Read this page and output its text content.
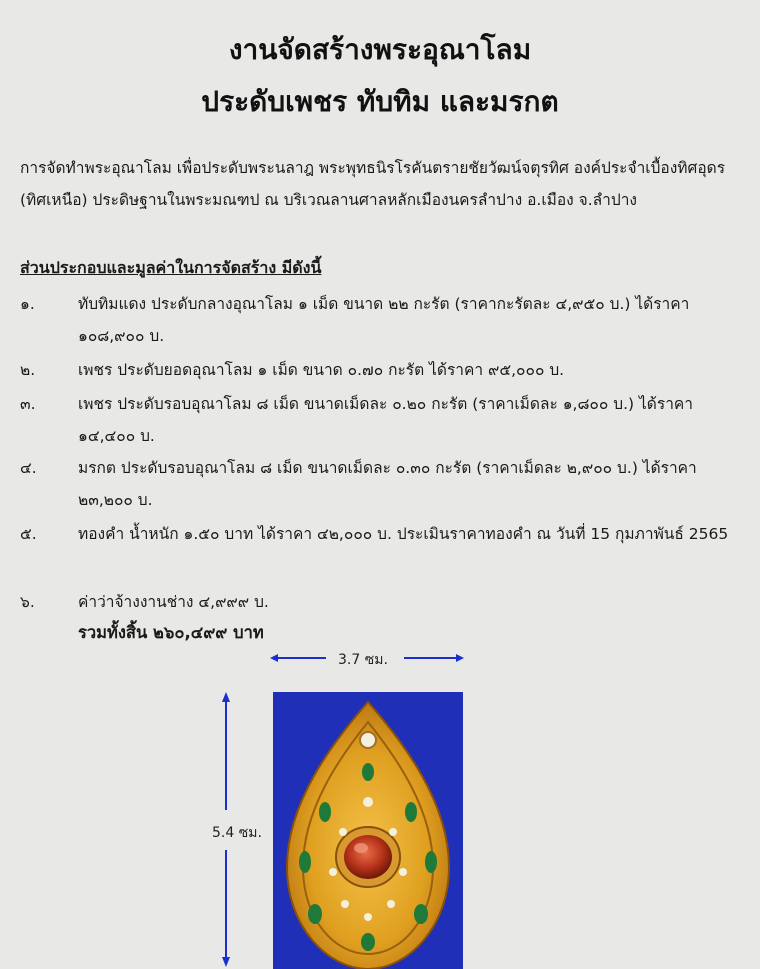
งานจัดสร้างพระอุณาโลม
ประดับเพชร ทับทิม และมรกต
การจัดทำพระอุณาโลม เพื่อประดับพระนลาฎ พระพุทธนิรโรคันตรายชัยวัฒน์จตุรทิศ องค์ประจำเบื้องทิศอุดร (ทิศเหนือ) ประดิษฐานในพระมณฑป ณ บริเวณลานศาลหลักเมืองนครลำปาง อ.เมือง จ.ลำปาง
ส่วนประกอบและมูลค่าในการจัดสร้าง มีดังนี้
๑.	ทับทิมแดง ประดับกลางอุณาโลม ๑ เม็ด ขนาด ๒๒ กะรัต (ราคากะรัตละ ๔,๙๕๐ บ.) ได้ราคา ๑๐๘,๙๐๐ บ.
๒.	เพชร ประดับยอดอุณาโลม ๑ เม็ด ขนาด ๐.๗๐ กะรัต ได้ราคา ๙๕,๐๐๐ บ.
๓.	เพชร ประดับรอบอุณาโลม ๘ เม็ด ขนาดเม็ดละ ๐.๒๐ กะรัต (ราคาเม็ดละ ๑,๘๐๐ บ.) ได้ราคา ๑๔,๔๐๐ บ.
๔.	มรกต ประดับรอบอุณาโลม ๘ เม็ด ขนาดเม็ดละ ๐.๓๐ กะรัต (ราคาเม็ดละ ๒,๙๐๐ บ.) ได้ราคา ๒๓,๒๐๐ บ.
๕.	ทองคำ น้ำหนัก ๑.๕๐ บาท ได้ราคา ๔๒,๐๐๐ บ. ประเมินราคาทองคำ ณ วันที่ 15 กุมภาพันธ์ 2565
๖.	ค่าว่าจ้างงานช่าง ๔,๙๙๙ บ.
รวมทั้งสิ้น ๒๖๐,๔๙๙ บาท
3.7 ซม.
5.4 ซม.
